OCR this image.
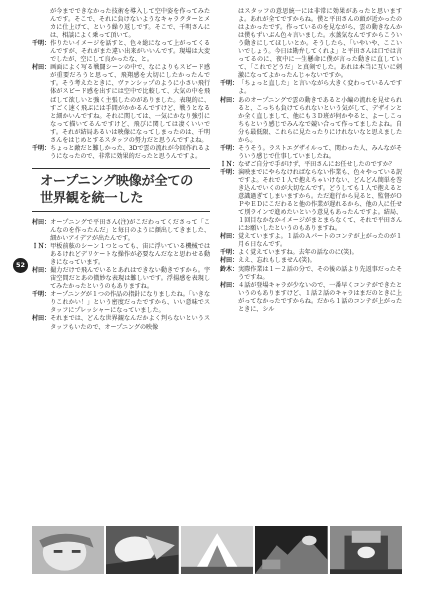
52
が今までできなかった技術を導入して空中姿を作ってみたんです。そこで、それに負けないようなキャラクターとメカに仕上げて、という繰り返しです。そこで、千明さんには、相談によく乗って頂いて。
千明： 作りたいイメージを話すと、色々総になって上がってくるんですが、それがまた違い出来がいいんです。現場は大変でしたが、空にして良かったな、と。
村田： 画面によく写る戦闘シーンの中で、なによりもスピード感が重要だろうと思って、飛翔感を大切にしたかったんです。そう考えたときに、ヴァンシップのように小さい飛行体がスピード感を出すには空中で比較して、大気の中を飛ばして欲しいと強く主張したのがありました。表現的に、すごく速く飛ぶには手間がかかるんですけど、戦うとなると細かいんですね。それに関しては、一気にかなり強引になって描いてるんですけど、飛びに関しては凄くいいです。それが結局あるいは映像になってしまったのは、千明さんをはじめとするスタッフの努力だと思うんですよね。
千明： ちょっと敵だと難しかった、3Dで雲の流れが今回作れるようになったので、非常に効果的だったと思うんですよ。
オープニング映像が全ての
世界観を統一した
村田： オープニングで平田さん(注)がこだわってくださって「こんなのを作ったんだ」と毎日のように顔出してきました、細かいアイデアが出たんです。
ＩＮ： 甲板前舷のシーン１つとっても、宙に浮いている機械ではあるけれどデリケートな操作が必要なんだなと思わせる動きになっています。
村田： 撮力だけで飛んでいるとあれはできない動きですから。宇宙空間だとあの微妙な表現は難しいです。浮揚感を表現してみたかったというのもありますね。
千明： オープニングが１つの作品の指針になりましたね。「いきなりこれかい！」という密度だったですから、いい意味でスタッフにプレッシャーになっていました。
村田： それまでは、どんな世界観なんだかよく判らないというスタッフもいたので、オープニングの映像
はスタッフの意思統一には非常に効果があったと思いますよ。あれが全てですからね。僕と平田さんの頭が近かったのはよかったです。作っているのを見ながら、雲の動きなんかは僕もずいぶん色々言いました。水蒸気なんですからこういう動きにしてほしいとか。そうしたら、「いやいや、ここいいでしょう。今日は勘弁してくれよ」と平田さんは口では言ってるのに、夜中に一生懸命に僕が言った動きに直していて、「これでどうだ」と真剣でした。あれは本当に互いに刺激になってよかったんじゃないですか。
千明： 「ちょっと直した」と言いながら大きく変わっているんですよ。
村田： あのオープニングで雲の動きであると小編の流れを見せられると、こっちも負けてられないという気がして、デザインとか全く直しまして、他にも３Ｄ班が何かやると、よーしこっちもという感じでみんなで競い合って作ってましたよね。自分も最低限、これらに見たったりにけれないなと思えましたから。
千明： そうそう。ラストエグザイルって、関わった人、みんながそういう感じで仕事していましたね。
ＩＮ： なぜご自分で手がけず、平田さんにお任せしたのですか？
千明： 演映までにやらなければならない作業も、色々やっている訳ですよ。それで１人で抱えちゃいけない、どんどん簡単を巻き込んでいくのが大切なんです。どうしても１人で抱えると意識過ぎてしまいますから。ただ進行から見ると、監督がＯＰやＥＤにこだわると他の作業が遅れるから、他の人に任せて別ラインで進めたいという意見もあったんですよ。結局、１回目なかなかイメージがまとまらなくて、それで平田さんにお願いしたというのもありますね。
村田： 覚えていますよ。１話のＡパートのコンテが上がったのが１月６日なんです。
千明： よく覚えていますね。去年の話なのに(笑)。
村田： ええ、忘れもしません(笑)。
鈴木： 実際作業は１～２話の分で、その後の話より先返事だったそうですね。
村田： ４話が登場キャラが少ないので、一番早くコンテができたというのもありますけど、１話２話のキャラはまだのときに上がってなかったですからね。だから１話のコンテが上がったときに、シル
